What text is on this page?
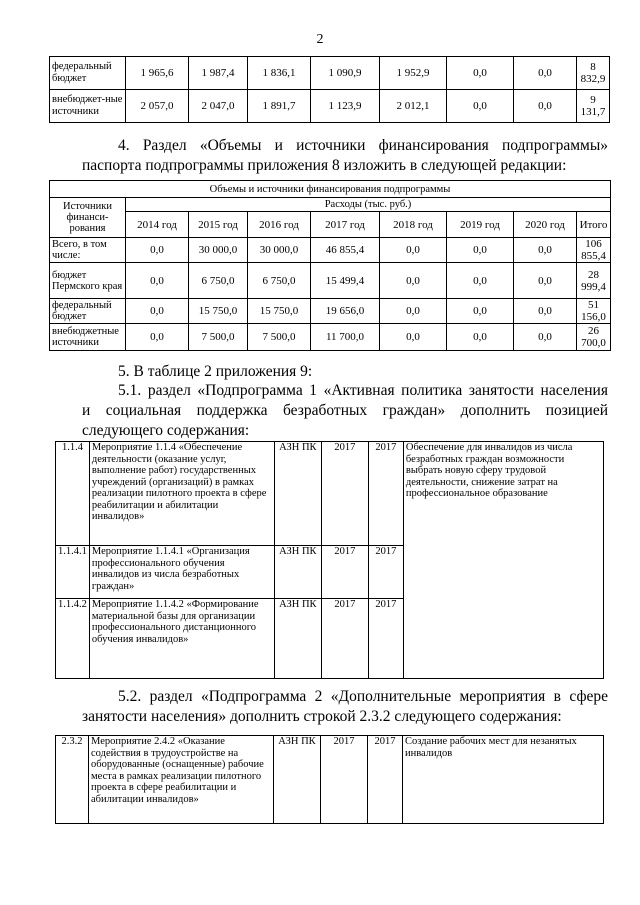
2
федеральный бюджет	1 965,6	1 987,4	1 836,1	1 090,9	1 952,9	0,0	0,0	8 832,9
внебюджет-ные источники	2 057,0	2 047,0	1 891,7	1 123,9	2 012,1	0,0	0,0	9 131,7
4. Раздел «Объемы и источники финансирования подпрограммы»
паспорта подпрограммы приложения 8 изложить в следующей редакции:
Объемы и источники финансирования подпрограммы								
Источники финанси-рования	Расходы (тыс. руб.)							
	2014 год	2015 год	2016 год	2017 год	2018 год	2019 год	2020 год	Итого
Всего, в том числе:	0,0	30 000,0	30 000,0	46 855,4	0,0	0,0	0,0	106 855,4
бюджет Пермского края	0,0	6 750,0	6 750,0	15 499,4	0,0	0,0	0,0	28 999,4
федеральный бюджет	0,0	15 750,0	15 750,0	19 656,0	0,0	0,0	0,0	51 156,0
внебюджетные источники	0,0	7 500,0	7 500,0	11 700,0	0,0	0,0	0,0	26 700,0
5. В таблице 2 приложения 9:
5.1. раздел «Подпрограмма 1 «Активная политика занятости населения
и социальная поддержка безработных граждан» дополнить позицией
следующего содержания:
1.1.4	Мероприятие 1.1.4 «Обеспечение деятельности (оказание услуг, выполнение работ) государственных учреждений (организаций) в рамках реализации пилотного проекта в сфере реабилитации и абилитации инвалидов»	АЗН ПК	2017	2017	Обеспечение для инвалидов из числа безработных граждан возможности выбрать новую сферу трудовой деятельности, снижение затрат на профессиональное образование
1.1.4.1	Мероприятие 1.1.4.1 «Организация профессионального обучения инвалидов из числа безработных граждан»	АЗН ПК	2017	2017	
1.1.4.2	Мероприятие 1.1.4.2 «Формирование материальной базы для организации профессионального дистанционного обучения инвалидов»	АЗН ПК	2017	2017	
5.2. раздел «Подпрограмма 2 «Дополнительные мероприятия в сфере
занятости населения» дополнить строкой 2.3.2 следующего содержания:
2.3.2	Мероприятие 2.4.2 «Оказание содействия в трудоустройстве на оборудованные (оснащенные) рабочие места в рамках реализации пилотного проекта в сфере реабилитации и абилитации инвалидов»	АЗН ПК	2017	2017	Создание рабочих мест для незанятых инвалидов
